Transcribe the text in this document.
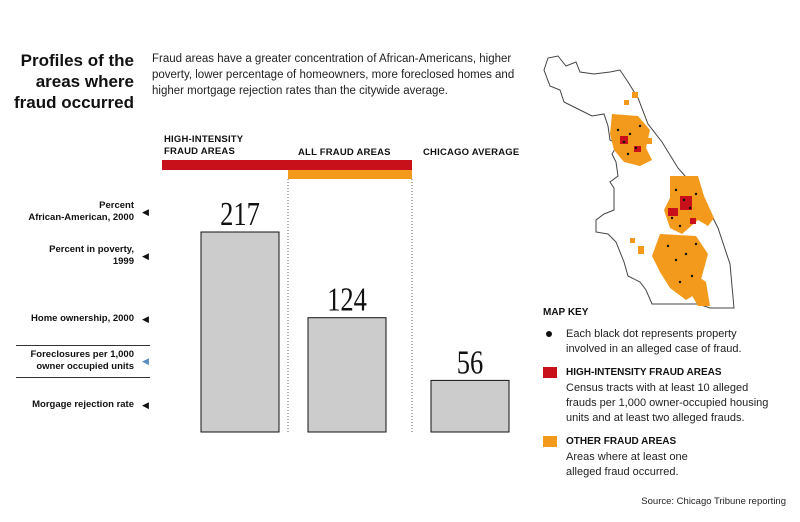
Profiles of the
areas where
fraud occurred
Fraud areas have a greater concentration of African-Americans, higher poverty, lower percentage of homeowners, more foreclosed homes and higher mortgage rejection rates than the citywide average.
HIGH-INTENSITY
FRAUD AREAS	ALL FRAUD AREAS	CHICAGO AVERAGE
Percent
African-American, 2000 ◀
Percent in poverty,
1999 ◀
Home ownership, 2000 ◀
Foreclosures per 1,000
owner occupied units ◀
Morgage rejection rate ◀
217
124
56
MAP KEY
Each black dot represents property involved in an alleged case of fraud.
HIGH-INTENSITY FRAUD AREAS
Census tracts with at least 10 alleged frauds per 1,000 owner-occupied housing units and at least two alleged frauds.
OTHER FRAUD AREAS
Areas where at least one alleged fraud occurred.
Source: Chicago Tribune reporting
